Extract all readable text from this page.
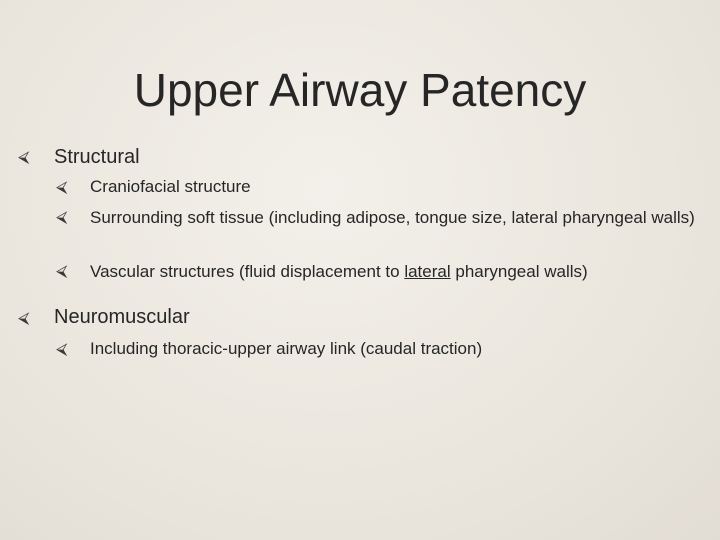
Upper Airway Patency
⮘ Structural
⮘ Craniofacial structure
⮘ Surrounding soft tissue (including adipose, tongue size, lateral pharyngeal walls)
⮘ Vascular structures (fluid displacement to lateral pharyngeal walls)
⮘ Neuromuscular
⮘ Including thoracic-upper airway link (caudal traction)
